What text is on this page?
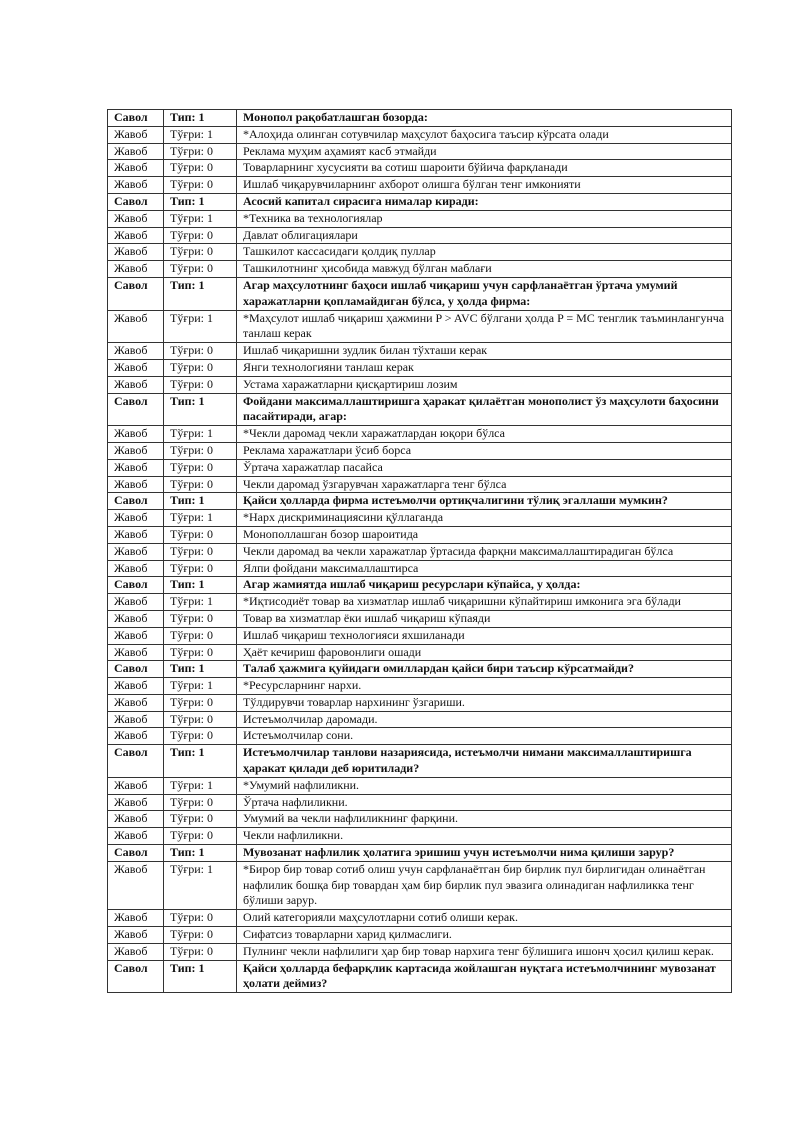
Савол	Тип: 1	Монопол рақобатлашган бозорда:
Жавоб	Тўғри: 1	*Алоҳида олинган сотувчилар маҳсулот баҳосига таъсир кўрсата олади
Жавоб	Тўғри: 0	Реклама муҳим аҳамият касб этмайди
Жавоб	Тўғри: 0	Товарларнинг хусусияти ва сотиш шароити бўйича фарқланади
Жавоб	Тўғри: 0	Ишлаб чиқарувчиларнинг ахборот олишга бўлган тенг имконияти
Савол	Тип: 1	Асосий капитал сирасига нималар киради:
Жавоб	Тўғри: 1	*Техника ва технологиялар
Жавоб	Тўғри: 0	Давлат облигациялари
Жавоб	Тўғри: 0	Ташкилот кассасидаги қолдиқ пуллар
Жавоб	Тўғри: 0	Ташкилотнинг ҳисобида мавжуд бўлган маблағи
Савол	Тип: 1	Агар маҳсулотнинг баҳоси ишлаб чиқариш учун сарфланаётган ўртача умумий харажатларни қопламайдиган бўлса, у ҳолда фирма:
Жавоб	Тўғри: 1	*Маҳсулот ишлаб чиқариш ҳажмини P > AVC бўлгани ҳолда P = MC тенглик таъминлангунча танлаш керак
Жавоб	Тўғри: 0	Ишлаб чиқаришни зудлик билан тўхташи керак
Жавоб	Тўғри: 0	Янги технологияни танлаш керак
Жавоб	Тўғри: 0	Устама харажатларни қисқартириш лозим
Савол	Тип: 1	Фойдани максималлаштиришга ҳаракат қилаётган монополист ўз маҳсулоти баҳосини пасайтиради, агар:
Жавоб	Тўғри: 1	*Чекли даромад чекли харажатлардан юқори бўлса
Жавоб	Тўғри: 0	Реклама харажатлари ўсиб борса
Жавоб	Тўғри: 0	Ўртача харажатлар пасайса
Жавоб	Тўғри: 0	Чекли даромад ўзгарувчан харажатларга тенг бўлса
Савол	Тип: 1	Қайси ҳолларда фирма истеъмолчи ортиқчалигини тўлиқ эгаллаши мумкин?
Жавоб	Тўғри: 1	*Нарх дискриминациясини қўллаганда
Жавоб	Тўғри: 0	Монополлашган бозор шароитида
Жавоб	Тўғри: 0	Чекли даромад ва чекли харажатлар ўртасида фарқни максималлаштирадиган бўлса
Жавоб	Тўғри: 0	Ялпи фойдани максималлаштирса
Савол	Тип: 1	Агар жамиятда ишлаб чиқариш ресурслари кўпайса, у ҳолда:
Жавоб	Тўғри: 1	*Иқтисодиёт товар ва хизматлар ишлаб чиқаришни кўпайтириш имконига эга бўлади
Жавоб	Тўғри: 0	Товар ва хизматлар ёки ишлаб чиқариш кўпаяди
Жавоб	Тўғри: 0	Ишлаб чиқариш технологияси яхшиланади
Жавоб	Тўғри: 0	Ҳаёт кечириш фаровонлиги ошади
Савол	Тип: 1	Талаб ҳажмига қуйидаги омиллардан қайси бири таъсир кўрсатмайди?
Жавоб	Тўғри: 1	*Ресурсларнинг нархи.
Жавоб	Тўғри: 0	Тўлдирувчи товарлар нархининг ўзгариши.
Жавоб	Тўғри: 0	Истеъмолчилар даромади.
Жавоб	Тўғри: 0	Истеъмолчилар сони.
Савол	Тип: 1	Истеъмолчилар танлови назариясида, истеъмолчи нимани максималлаштиришга ҳаракат қилади деб юритилади?
Жавоб	Тўғри: 1	*Умумий нафлиликни.
Жавоб	Тўғри: 0	Ўртача нафлиликни.
Жавоб	Тўғри: 0	Умумий ва чекли нафлиликнинг фарқини.
Жавоб	Тўғри: 0	Чекли нафлиликни.
Савол	Тип: 1	Мувозанат нафлилик ҳолатига эришиш учун истеъмолчи нима қилиши зарур?
Жавоб	Тўғри: 1	*Бирор бир товар сотиб олиш учун сарфланаётган бир бирлик пул бирлигидан олинаётган нафлилик бошқа бир товардан ҳам бир бирлик пул эвазига олинадиган нафлиликка тенг бўлиши зарур.
Жавоб	Тўғри: 0	Олий категорияли маҳсулотларни сотиб олиши керак.
Жавоб	Тўғри: 0	Сифатсиз товарларни харид қилмаслиги.
Жавоб	Тўғри: 0	Пулнинг чекли нафлилиги ҳар бир товар нархига тенг бўлишига ишонч ҳосил қилиш керак.
Савол	Тип: 1	Қайси ҳолларда бефарқлик картасида жойлашган нуқтага истеъмолчининг мувозанат ҳолати деймиз?
